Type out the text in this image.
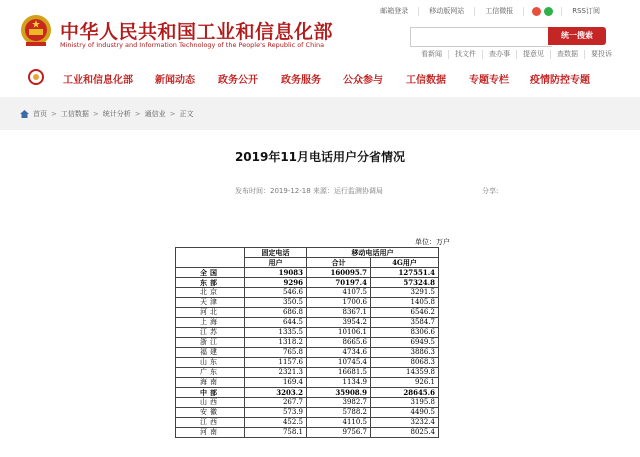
中华人民共和国工业和信息化部
Ministry of Industry and Information Technology of the People's Republic of China
邮箱登录	移动版网站	工信微报	RSS订阅
统一搜索
看新闻	找文件	查办事	提意见	查数据	要投诉
工业和信息化部 新闻动态 政务公开 政务服务 公众参与 工信数据 专题专栏 疫情防控专题
首页 > 工信数据 > 统计分析 > 通信业 > 正文
2019年11月电话用户分省情况
发布时间：2019-12-18 来源：运行监测协调局	分享:
单位：万户
	固定电话	移动电话用户	
	用户	合计	4G用户
全国	19083	160095.7	127551.4
东部	9296	70197.4	57324.8
北京	546.6	4107.5	3291.5
天津	350.5	1700.6	1405.8
河北	686.8	8367.1	6546.2
上海	644.5	3954.2	3584.7
江苏	1335.5	10106.1	8306.6
浙江	1318.2	8665.6	6949.5
福建	765.8	4734.6	3886.3
山东	1157.6	10745.4	8068.3
广东	2321.3	16681.5	14359.8
海南	169.4	1134.9	926.1
中部	3203.2	35908.9	28645.6
山西	267.7	3982.7	3195.8
安徽	573.9	5788.2	4490.5
江西	452.5	4110.5	3232.4
河南	758.1	9756.7	8025.4
